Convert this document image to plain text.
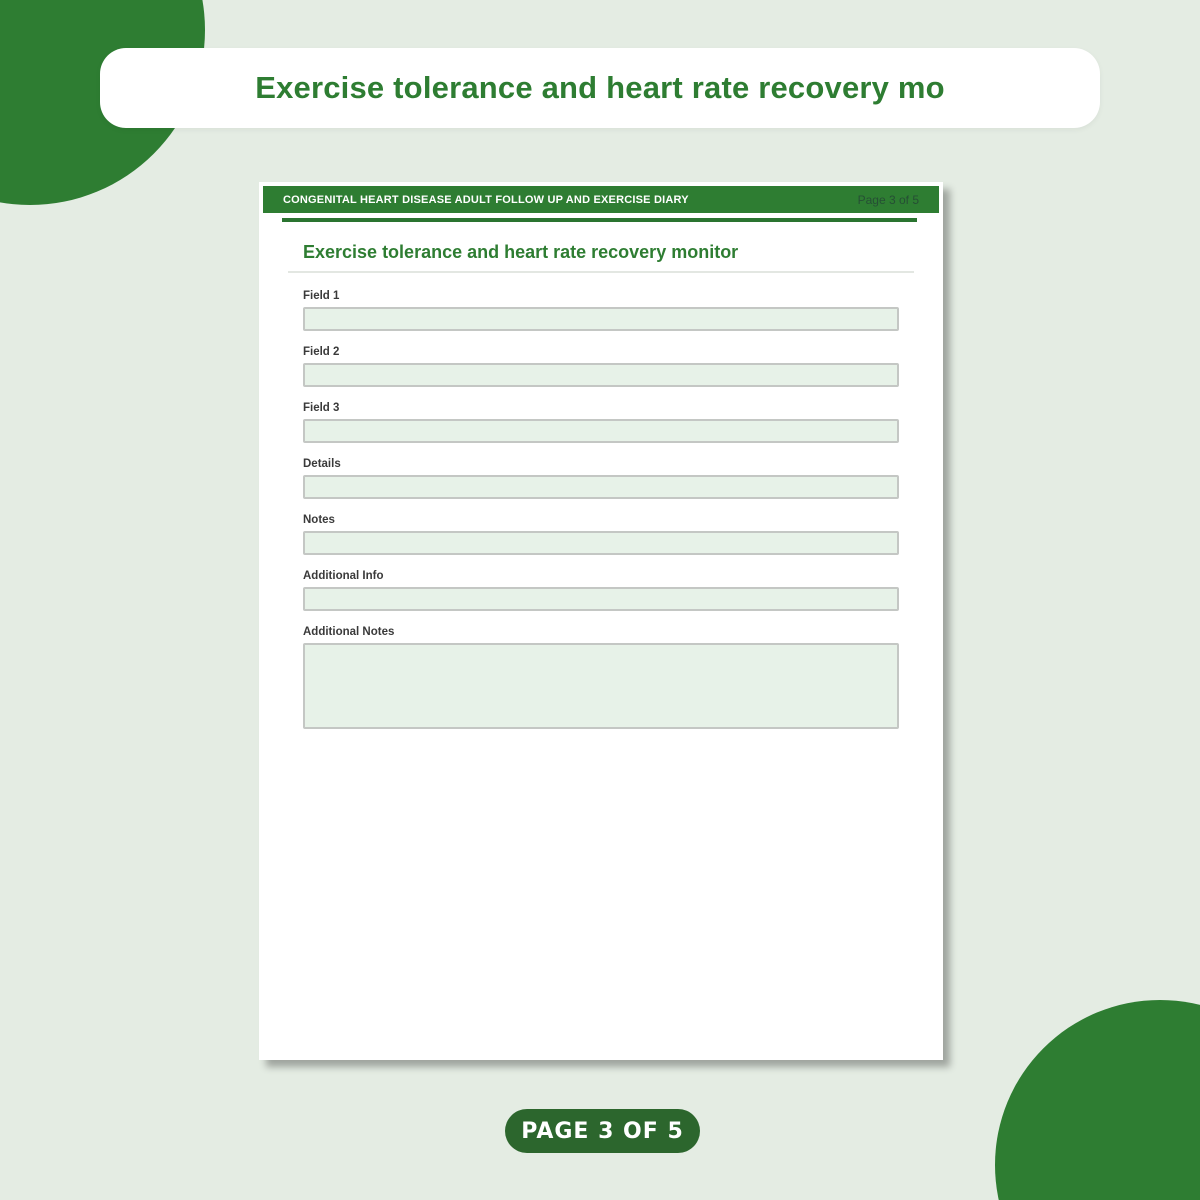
Exercise tolerance and heart rate recovery mo
CONGENITAL HEART DISEASE ADULT FOLLOW UP AND EXERCISE DIARY	Page 3 of 5
Exercise tolerance and heart rate recovery monitor
Field 1
Field 2
Field 3
Details
Notes
Additional Info
Additional Notes
PAGE 3 OF 5
